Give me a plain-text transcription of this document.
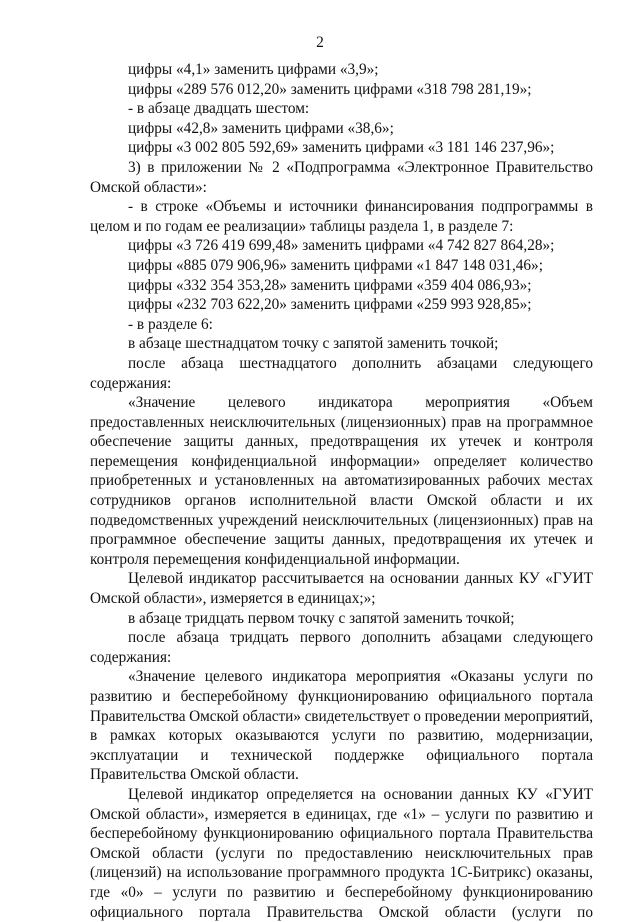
2
цифры «4,1» заменить цифрами «3,9»;
цифры «289 576 012,20» заменить цифрами «318 798 281,19»;
- в абзаце двадцать шестом:
цифры «42,8» заменить цифрами «38,6»;
цифры «3 002 805 592,69» заменить цифрами «3 181 146 237,96»;
3) в приложении № 2 «Подпрограмма «Электронное Правительство
Омской области»:
- в строке «Объемы и источники финансирования подпрограммы в
целом и по годам ее реализации» таблицы раздела 1, в разделе 7:
цифры «3 726 419 699,48» заменить цифрами «4 742 827 864,28»;
цифры «885 079 906,96» заменить цифрами «1 847 148 031,46»;
цифры «332 354 353,28» заменить цифрами «359 404 086,93»;
цифры «232 703 622,20» заменить цифрами «259 993 928,85»;
- в разделе 6:
в абзаце шестнадцатом точку с запятой заменить точкой;
после абзаца шестнадцатого дополнить абзацами следующего
содержания:
«Значение целевого индикатора мероприятия «Объем
предоставленных неисключительных (лицензионных) прав на программное
обеспечение защиты данных, предотвращения их утечек и контроля
перемещения конфиденциальной информации» определяет количество
приобретенных и установленных на автоматизированных рабочих местах
сотрудников органов исполнительной власти Омской области и их
подведомственных учреждений неисключительных (лицензионных) прав на
программное обеспечение защиты данных, предотвращения их утечек и
контроля перемещения конфиденциальной информации.
Целевой индикатор рассчитывается на основании данных КУ «ГУИТ
Омской области», измеряется в единицах;»;
в абзаце тридцать первом точку с запятой заменить точкой;
после абзаца тридцать первого дополнить абзацами следующего
содержания:
«Значение целевого индикатора мероприятия «Оказаны услуги по
развитию и бесперебойному функционированию официального портала
Правительства Омской области» свидетельствует о проведении мероприятий,
в рамках которых оказываются услуги по развитию, модернизации,
эксплуатации и технической поддержке официального портала
Правительства Омской области.
Целевой индикатор определяется на основании данных КУ «ГУИТ
Омской области», измеряется в единицах, где «1» – услуги по развитию и
бесперебойному функционированию официального портала Правительства
Омской области (услуги по предоставлению неисключительных прав
(лицензий) на использование программного продукта 1С-Битрикс) оказаны,
где «0» – услуги по развитию и бесперебойному функционированию
официального портала Правительства Омской области (услуги по
